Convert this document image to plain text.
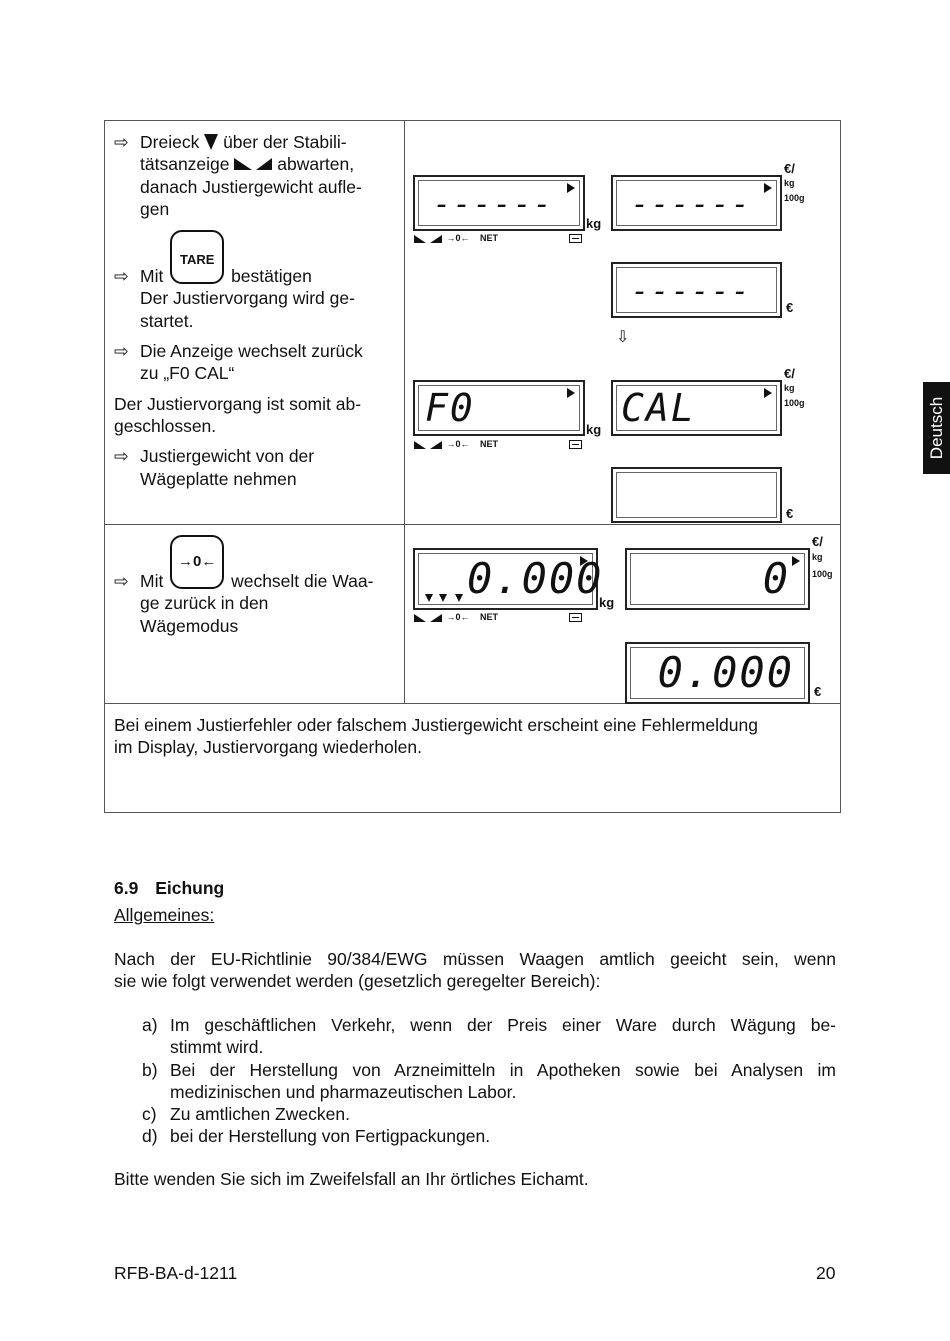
Deutsch
⇨ Dreieck über der Stabili-
tätsanzeige	abwarten,
danach Justiergewicht aufle-
gen
⇨ Mit
TARE
bestätigen
Der Justiervorgang wird ge-
startet.
⇨ Die Anzeige wechselt zurück
zu „F0 CAL“
Der Justiervorgang ist somit ab-
geschlossen.
⇨ Justiergewicht von der
Wägeplatte nehmen
------
kg
→0← NET
------
€/
kg
100g
------	€
⇩
F0	kg
→0← NET
CAL
€/
kg
100g
€
⇨ Mit
→0←
wechselt die Waa-
ge zurück in den
Wägemodus
0.000
kg
→0← NET
0
€/
kg
100g
0.000 €
Bei einem Justierfehler oder falschem Justiergewicht erscheint eine Fehlermeldung
im Display, Justiervorgang wiederholen.
6.9 Eichung
Allgemeines:
Nach der EU-Richtlinie 90/384/EWG müssen Waagen amtlich geeicht sein, wenn
sie wie folgt verwendet werden (gesetzlich geregelter Bereich):
a) Im geschäftlichen Verkehr, wenn der Preis einer Ware durch Wägung be-
stimmt wird.
b) Bei der Herstellung von Arzneimitteln in Apotheken sowie bei Analysen im
medizinischen und pharmazeutischen Labor.
c) Zu amtlichen Zwecken.
d) bei der Herstellung von Fertigpackungen.
Bitte wenden Sie sich im Zweifelsfall an Ihr örtliches Eichamt.
RFB-BA-d-1211	20
